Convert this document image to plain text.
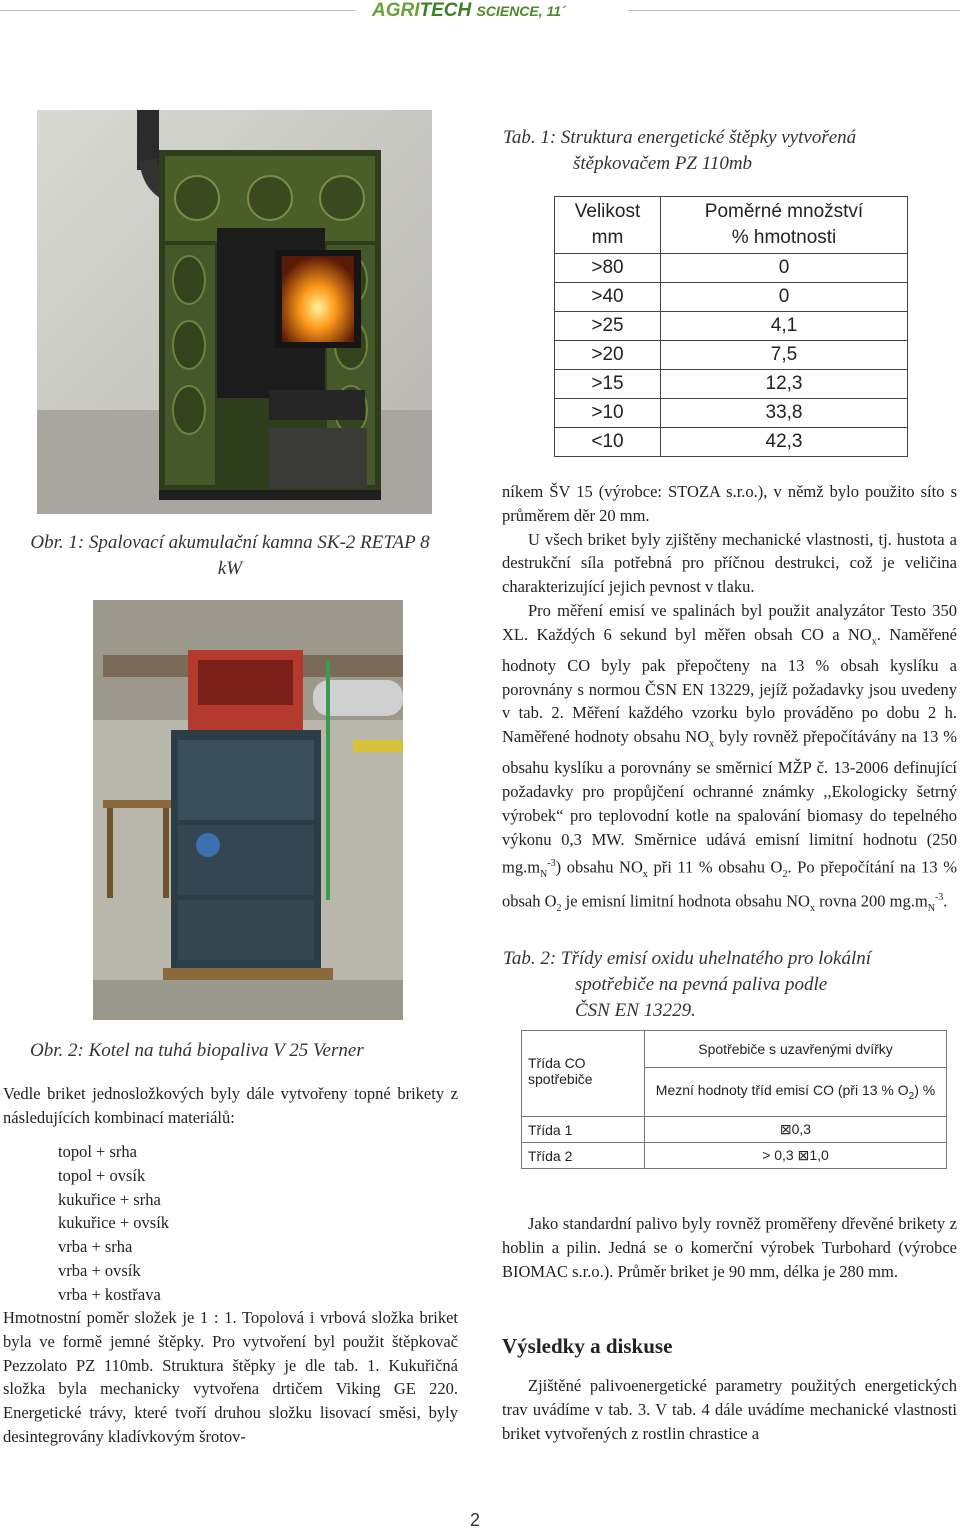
AGRITECH SCIENCE, 11´
Obr. 1: Spalovací akumulační kamna SK-2 RETAP 8 kW
Obr. 2: Kotel na tuhá biopaliva V 25 Verner

Vedle briket jednosložkových byly dále vytvořeny topné brikety z následujících kombinací materiálů:

topol + srha
topol + ovsík
kukuřice + srha
kukuřice + ovsík
vrba + srha
vrba + ovsík
vrba + kostřava

Hmotnostní poměr složek je 1 : 1. Topolová i vrbová složka briket byla ve formě jemné štěpky. Pro vytvoření byl použit štěpkovač Pezzolato PZ 110mb. Struktura štěpky je dle tab. 1. Kukuřičná složka byla mechanicky vytvořena drtičem Viking GE 220. Energetické trávy, které tvoří druhou složku lisovací směsi, byly desintegrovány kladívkovým šrotov-

Tab. 1: Struktura energetické štěpky vytvořená štěpkovačem PZ 110mb
Velikost
mm	Poměrné množství
% hmotnosti
>80	0
>40	0
>25	4,1
>20	7,5
>15	12,3
>10	33,8
<10	42,3

níkem ŠV 15 (výrobce: STOZA s.r.o.), v němž bylo použito síto s průměrem děr 20 mm.

U všech briket byly zjištěny mechanické vlastnosti, tj. hustota a destrukční síla potřebná pro příčnou destrukci, což je veličina charakterizující jejich pevnost v tlaku.

Pro měření emisí ve spalinách byl použit analyzátor Testo 350 XL. Každých 6 sekund byl měřen obsah CO a $NO_x$. Naměřené hodnoty CO byly pak přepočteny na 13 % obsah kyslíku a porovnány s normou ČSN EN 13229, jejíž požadavky jsou uvedeny v tab. 2. Měření každého vzorku bylo prováděno po dobu 2 h. Naměřené hodnoty obsahu $NO_x$ byly rovněž přepočítávány na 13 % obsahu kyslíku a porovnány se směrnicí MŽP č. 13-2006 definující požadavky pro propůjčení ochranné známky ,,Ekologicky šetrný výrobek“ pro teplovodní kotle na spalování biomasy do tepelného výkonu 0,3 MW. Směrnice udává emisní limitní hodnotu (250 $mg.m_N^{-3}$) obsahu $NO_x$ při 11 % obsahu $O_2$. Po přepočítání na 13 % obsah $O_2$ je emisní limitní hodnota obsahu $NO_x$ rovna 200 $mg.m_N^{-3}$.

Tab. 2: Třídy emisí oxidu uhelnatého pro lokální
spotřebiče na pevná paliva podle
ČSN EN 13229.
Třída CO spotřebiče	Spotřebiče s uzavřenými dvířky
	Mezní hodnoty tříd emisí CO (při 13 % $O_2$) %
Třída 1	⊠0,3
Třída 2	> 0,3 ⊠1,0

Jako standardní palivo byly rovněž proměřeny dřevěné brikety z hoblin a pilin. Jedná se o komerční výrobek Turbohard (výrobce BIOMAC s.r.o.). Průměr briket je 90 mm, délka je 280 mm.

Výsledky a diskuse

Zjištěné palivoenergetické parametry použitých energetických trav uvádíme v tab. 3. V tab. 4 dále uvádíme mechanické vlastnosti briket vytvořených z rostlin chrastice a

2
